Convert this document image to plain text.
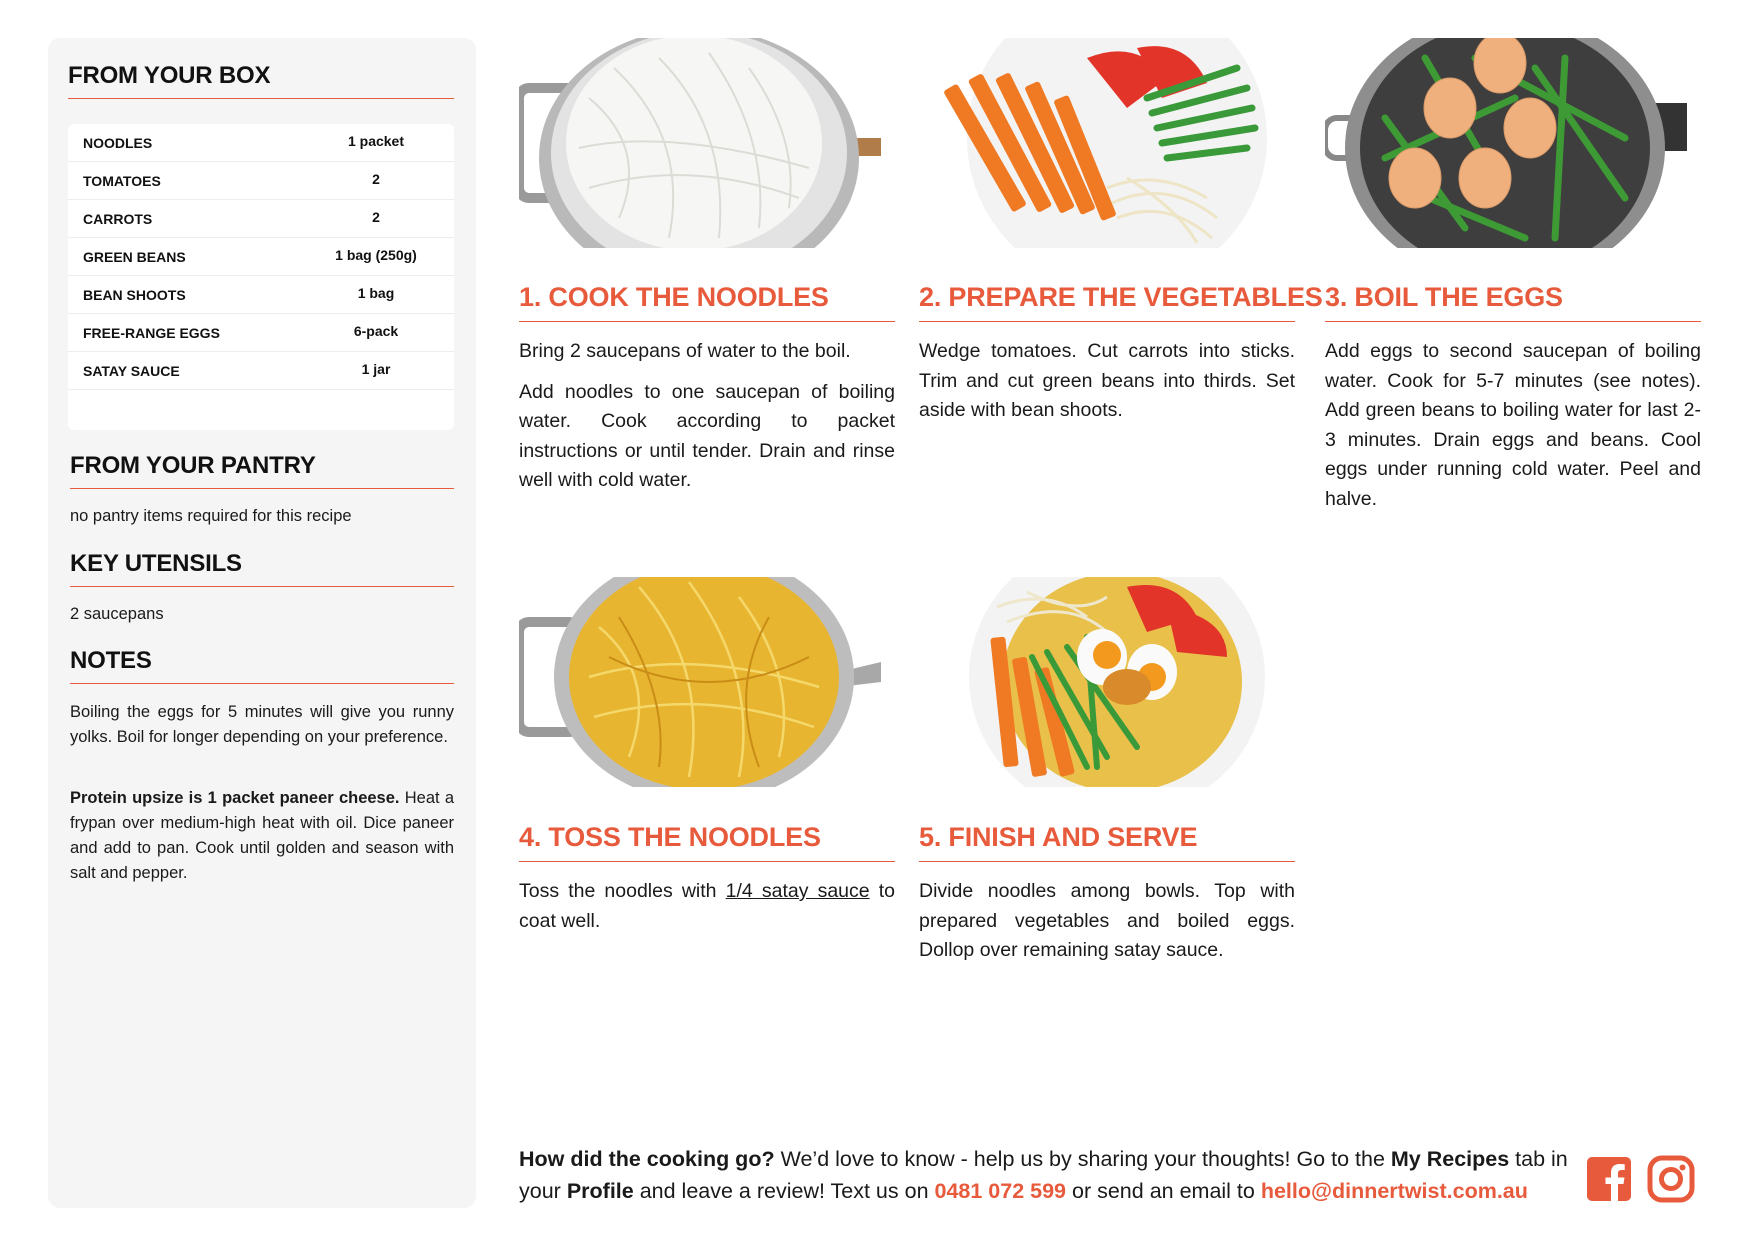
FROM YOUR BOX
NOODLES	1 packet
TOMATOES	2
CARROTS	2
GREEN BEANS	1 bag (250g)
BEAN SHOOTS	1 bag
FREE-RANGE EGGS	6-pack
SATAY SAUCE	1 jar
FROM YOUR PANTRY
no pantry items required for this recipe
KEY UTENSILS
2 saucepans
NOTES
Boiling the eggs for 5 minutes will give you runny yolks. Boil for longer depending on your preference.
Protein upsize is 1 packet paneer cheese. Heat a frypan over medium-high heat with oil. Dice paneer and add to pan. Cook until golden and season with salt and pepper.
1. COOK THE NOODLES

Bring 2 saucepans of water to the boil.

Add noodles to one saucepan of boiling water. Cook according to packet instructions or until tender. Drain and rinse well with cold water.

2. PREPARE THE VEGETABLES

Wedge tomatoes. Cut carrots into sticks. Trim and cut green beans into thirds. Set aside with bean shoots.

3. BOIL THE EGGS

Add eggs to second saucepan of boiling water. Cook for 5-7 minutes (see notes). Add green beans to boiling water for last 2-3 minutes. Drain eggs and beans. Cool eggs under running cold water. Peel and halve.

4. TOSS THE NOODLES

Toss the noodles with 1/4 satay sauce to coat well.

5. FINISH AND SERVE

Divide noodles among bowls. Top with prepared vegetables and boiled eggs. Dollop over remaining satay sauce.

How did the cooking go? We’d love to know - help us by sharing your thoughts! Go to the My Recipes tab in your Profile and leave a review! Text us on 0481 072 599 or send an email to hello@dinnertwist.com.au
